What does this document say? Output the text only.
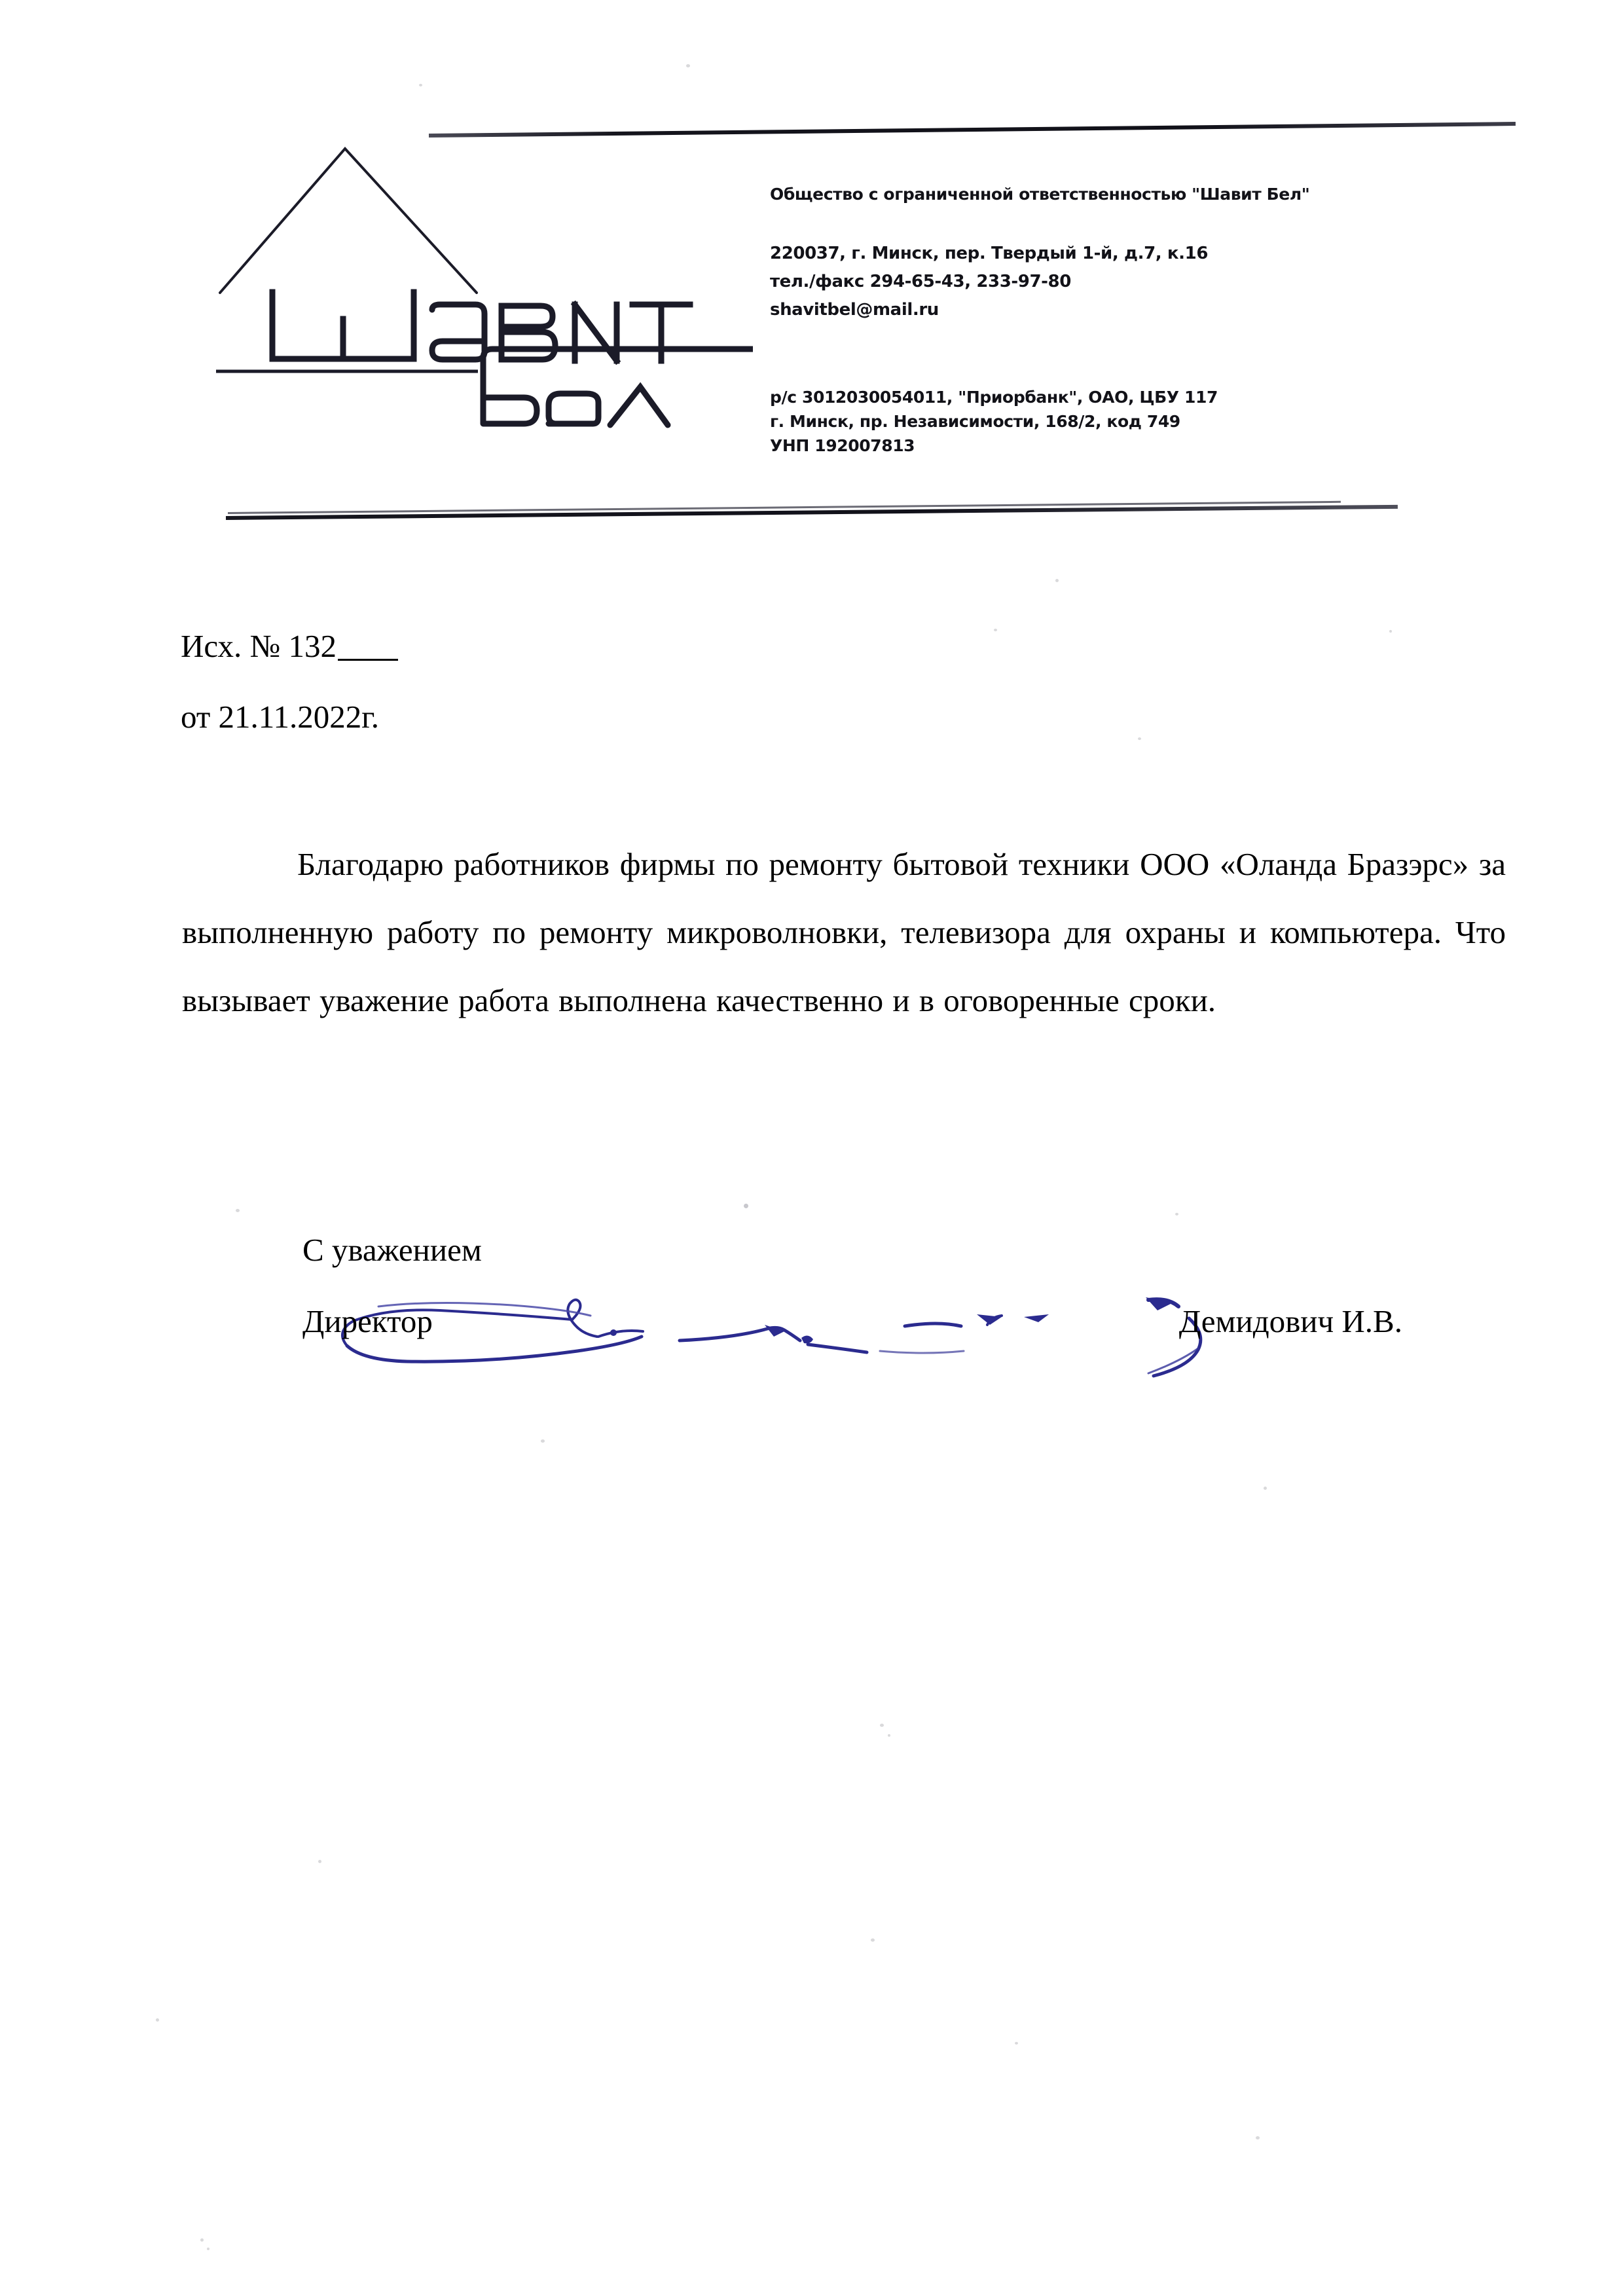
Общество с ограниченной ответственностью "Шавит Бел"
220037, г. Минск, пер. Твердый 1-й, д.7, к.16
тел./факс 294-65-43, 233-97-80
shavitbel@mail.ru
р/с 3012030054011, "Приорбанк", ОАО, ЦБУ 117
г. Минск, пр. Независимости, 168/2, код 749
УНП 192007813
Исх. № 132
от 21.11.2022г.
Благодарю работников фирмы по ремонту бытовой техники ООО «Оланда Бразэрс» за выполненную работу по ремонту микроволновки, телевизора для охраны и компьютера. Что вызывает уважение работа выполнена качественно и в оговоренные сроки.
С уважением
Директор	Демидович И.В.
